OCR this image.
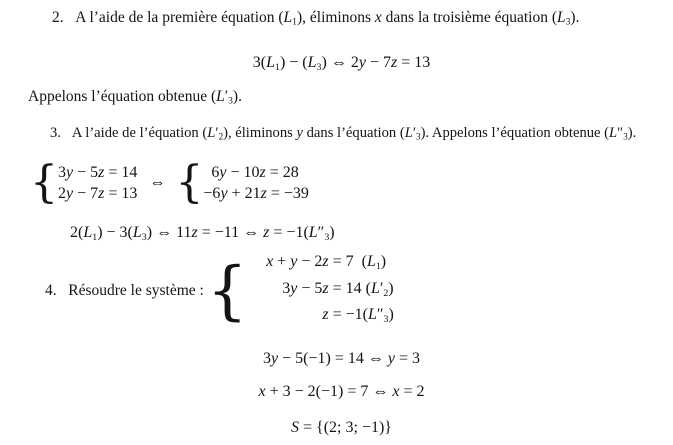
2.   A l’aide de la première équation (L1), éliminons x dans la troisième équation (L3).
3(L1) − (L3) ⇔ 2y − 7z = 13
Appelons l’équation obtenue (L′3).
3.   A l’aide de l’équation (L′2), éliminons y dans l’équation (L′3). Appelons l’équation obtenue (L″3).
{ 3y − 5z = 14
2y − 7z = 13
⇔ { 6y − 10z = 28
−6y + 21z = −39
2(L1) − 3(L3) ⇔ 11z = −11 ⇔ z = −1(L″3)
4.   Résoudre le système : {	x + y − 2z = 7  (L1)
3y − 5z = 14 (L′2)
z = −1(L″3)
3y − 5(−1) = 14 ⇔ y = 3
x + 3 − 2(−1) = 7 ⇔ x = 2
S = {(2; 3; −1)}
